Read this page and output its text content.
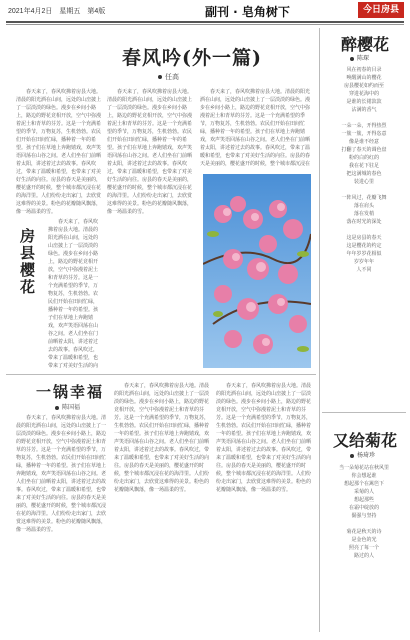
2021年4月2日　星期五　第4版	副刊 · 皂角树下	今日房县
春风吟(外一篇)
任高
春天来了，春风吹拂着房县大地。清晨的阳光洒在山间，远处的山峦披上了一层淡淡的绿色。漫步在乡间小路上，路边的野花竞相开放，空气中弥漫着泥土和青草的芬芳。这是一个充满希望的季节，万物复苏，生机勃勃。农民们开始在田间忙碌，播种着一年的希望。孩子们在草地上奔跑嬉戏，欢声笑语回荡在山谷之间。老人们坐在门前晒着太阳，讲述着过去的故事。春风吹过，带来了温暖和希望，也带来了对美好生活的向往。房县的春天是美丽的，樱花盛开的时候，整个城市都沉浸在花的海洋里。人们纷纷走出家门，去欣赏这难得的美景。粉色的花瓣随风飘落，像一场温柔的雪。
春天来了，春风吹拂着房县大地。清晨的阳光洒在山间，远处的山峦披上了一层淡淡的绿色。漫步在乡间小路上，路边的野花竞相开放，空气中弥漫着泥土和青草的芬芳。这是一个充满希望的季节，万物复苏，生机勃勃。农民们开始在田间忙碌，播种着一年的希望。孩子们在草地上奔跑嬉戏，欢声笑语回荡在山谷之间。老人们坐在门前晒着太阳，讲述着过去的故事。春风吹过，带来了温暖和希望，也带来了对美好生活的向
春天来了，春风吹拂着房县大地。清晨的阳光洒在山间，远处的山峦披上了一层淡淡的绿色。漫步在乡间小路上，路边的野花竞相开放，空气中弥漫着泥土和青草的芬芳。这是一个充满希望的季节，万物复苏，生机勃勃。农民们开始在田间忙碌，播种着一年的希望。孩子们在草地上奔跑嬉戏，欢声笑语回荡在山谷之间。老人们坐在门前晒着太阳，讲述着过去的故事。春风吹过，带来了温暖和希望，也带来了对美好生活的向往。房县的春天是美丽的，樱花盛开的时候，整个城市都沉浸在花的海洋里。人们纷纷走出家门，去欣赏这难得的美景。粉色的花瓣随风飘落，像一场温柔的雪。
春天来了，春风吹拂着房县大地。清晨的阳光洒在山间，远处的山峦披上了一层淡淡的绿色。漫步在乡间小路上，路边的野花竞相开放，空气中弥漫着泥土和青草的芬芳。这是一个充满希望的季节，万物复苏，生机勃勃。农民们开始在田间忙碌，播种着一年的希望。孩子们在草地上奔跑嬉戏，欢声笑语回荡在山谷之间。老人们坐在门前晒着太阳，讲述着过去的故事。春风吹过，带来了温暖和希望，也带来了对美好生活的向往。房县的春天是美丽的，樱花盛开的时候，整个城市都沉浸在
房县樱花
一锅幸福
陈国福
春天来了，春风吹拂着房县大地。清晨的阳光洒在山间，远处的山峦披上了一层淡淡的绿色。漫步在乡间小路上，路边的野花竞相开放，空气中弥漫着泥土和青草的芬芳。这是一个充满希望的季节，万物复苏，生机勃勃。农民们开始在田间忙碌，播种着一年的希望。孩子们在草地上奔跑嬉戏，欢声笑语回荡在山谷之间。老人们坐在门前晒着太阳，讲述着过去的故事。春风吹过，带来了温暖和希望，也带来了对美好生活的向往。房县的春天是美丽的，樱花盛开的时候，整个城市都沉浸在花的海洋里。人们纷纷走出家门，去欣赏这难得的美景。粉色的花瓣随风飘落，像一场温柔的雪。
春天来了，春风吹拂着房县大地。清晨的阳光洒在山间，远处的山峦披上了一层淡淡的绿色。漫步在乡间小路上，路边的野花竞相开放，空气中弥漫着泥土和青草的芬芳。这是一个充满希望的季节，万物复苏，生机勃勃。农民们开始在田间忙碌，播种着一年的希望。孩子们在草地上奔跑嬉戏，欢声笑语回荡在山谷之间。老人们坐在门前晒着太阳，讲述着过去的故事。春风吹过，带来了温暖和希望，也带来了对美好生活的向往。房县的春天是美丽的，樱花盛开的时候，整个城市都沉浸在花的海洋里。人们纷纷走出家门，去欣赏这难得的美景。粉色的花瓣随风飘落，像一场温柔的雪。
春天来了，春风吹拂着房县大地。清晨的阳光洒在山间，远处的山峦披上了一层淡淡的绿色。漫步在乡间小路上，路边的野花竞相开放，空气中弥漫着泥土和青草的芬芳。这是一个充满希望的季节，万物复苏，生机勃勃。农民们开始在田间忙碌，播种着一年的希望。孩子们在草地上奔跑嬉戏，欢声笑语回荡在山谷之间。老人们坐在门前晒着太阳，讲述着过去的故事。春风吹过，带来了温暖和希望，也带来了对美好生活的向往。房县的春天是美丽的，樱花盛开的时候，整个城市都沉浸在花的海洋里。人们纷纷走出家门，去欣赏这难得的美景。粉色的花瓣随风飘落，像一场温柔的雪。
醉樱花
陈琛
风在初春的目录
唤醒满山的樱花
房县樱花如约而至
穿进花海中的
是谁的长裙款款
沾满的香气

一朵一朵，开得热烈
一簇一簇，开得恣意
像是谁不经意
打翻了春天的调色盘
粉的白的红的
我在花下驻足
把这满城的春色
装进心里

一阵风过，花瓣飞舞
落在肩头
落在发梢
落在时光的深处

这是房县的春天
这是樱花的约定
年年岁岁花相似
岁岁年年
人不同
又给菊花
杨琦珍
当一朵菊花站在秋风里
你会想起谁
想起那个在篱笆下
采菊的人
想起那些
在霜中绽放的
倔强与坚持

菊花是秋天的诗
是金色的光
照亮了每一个
路过的人
